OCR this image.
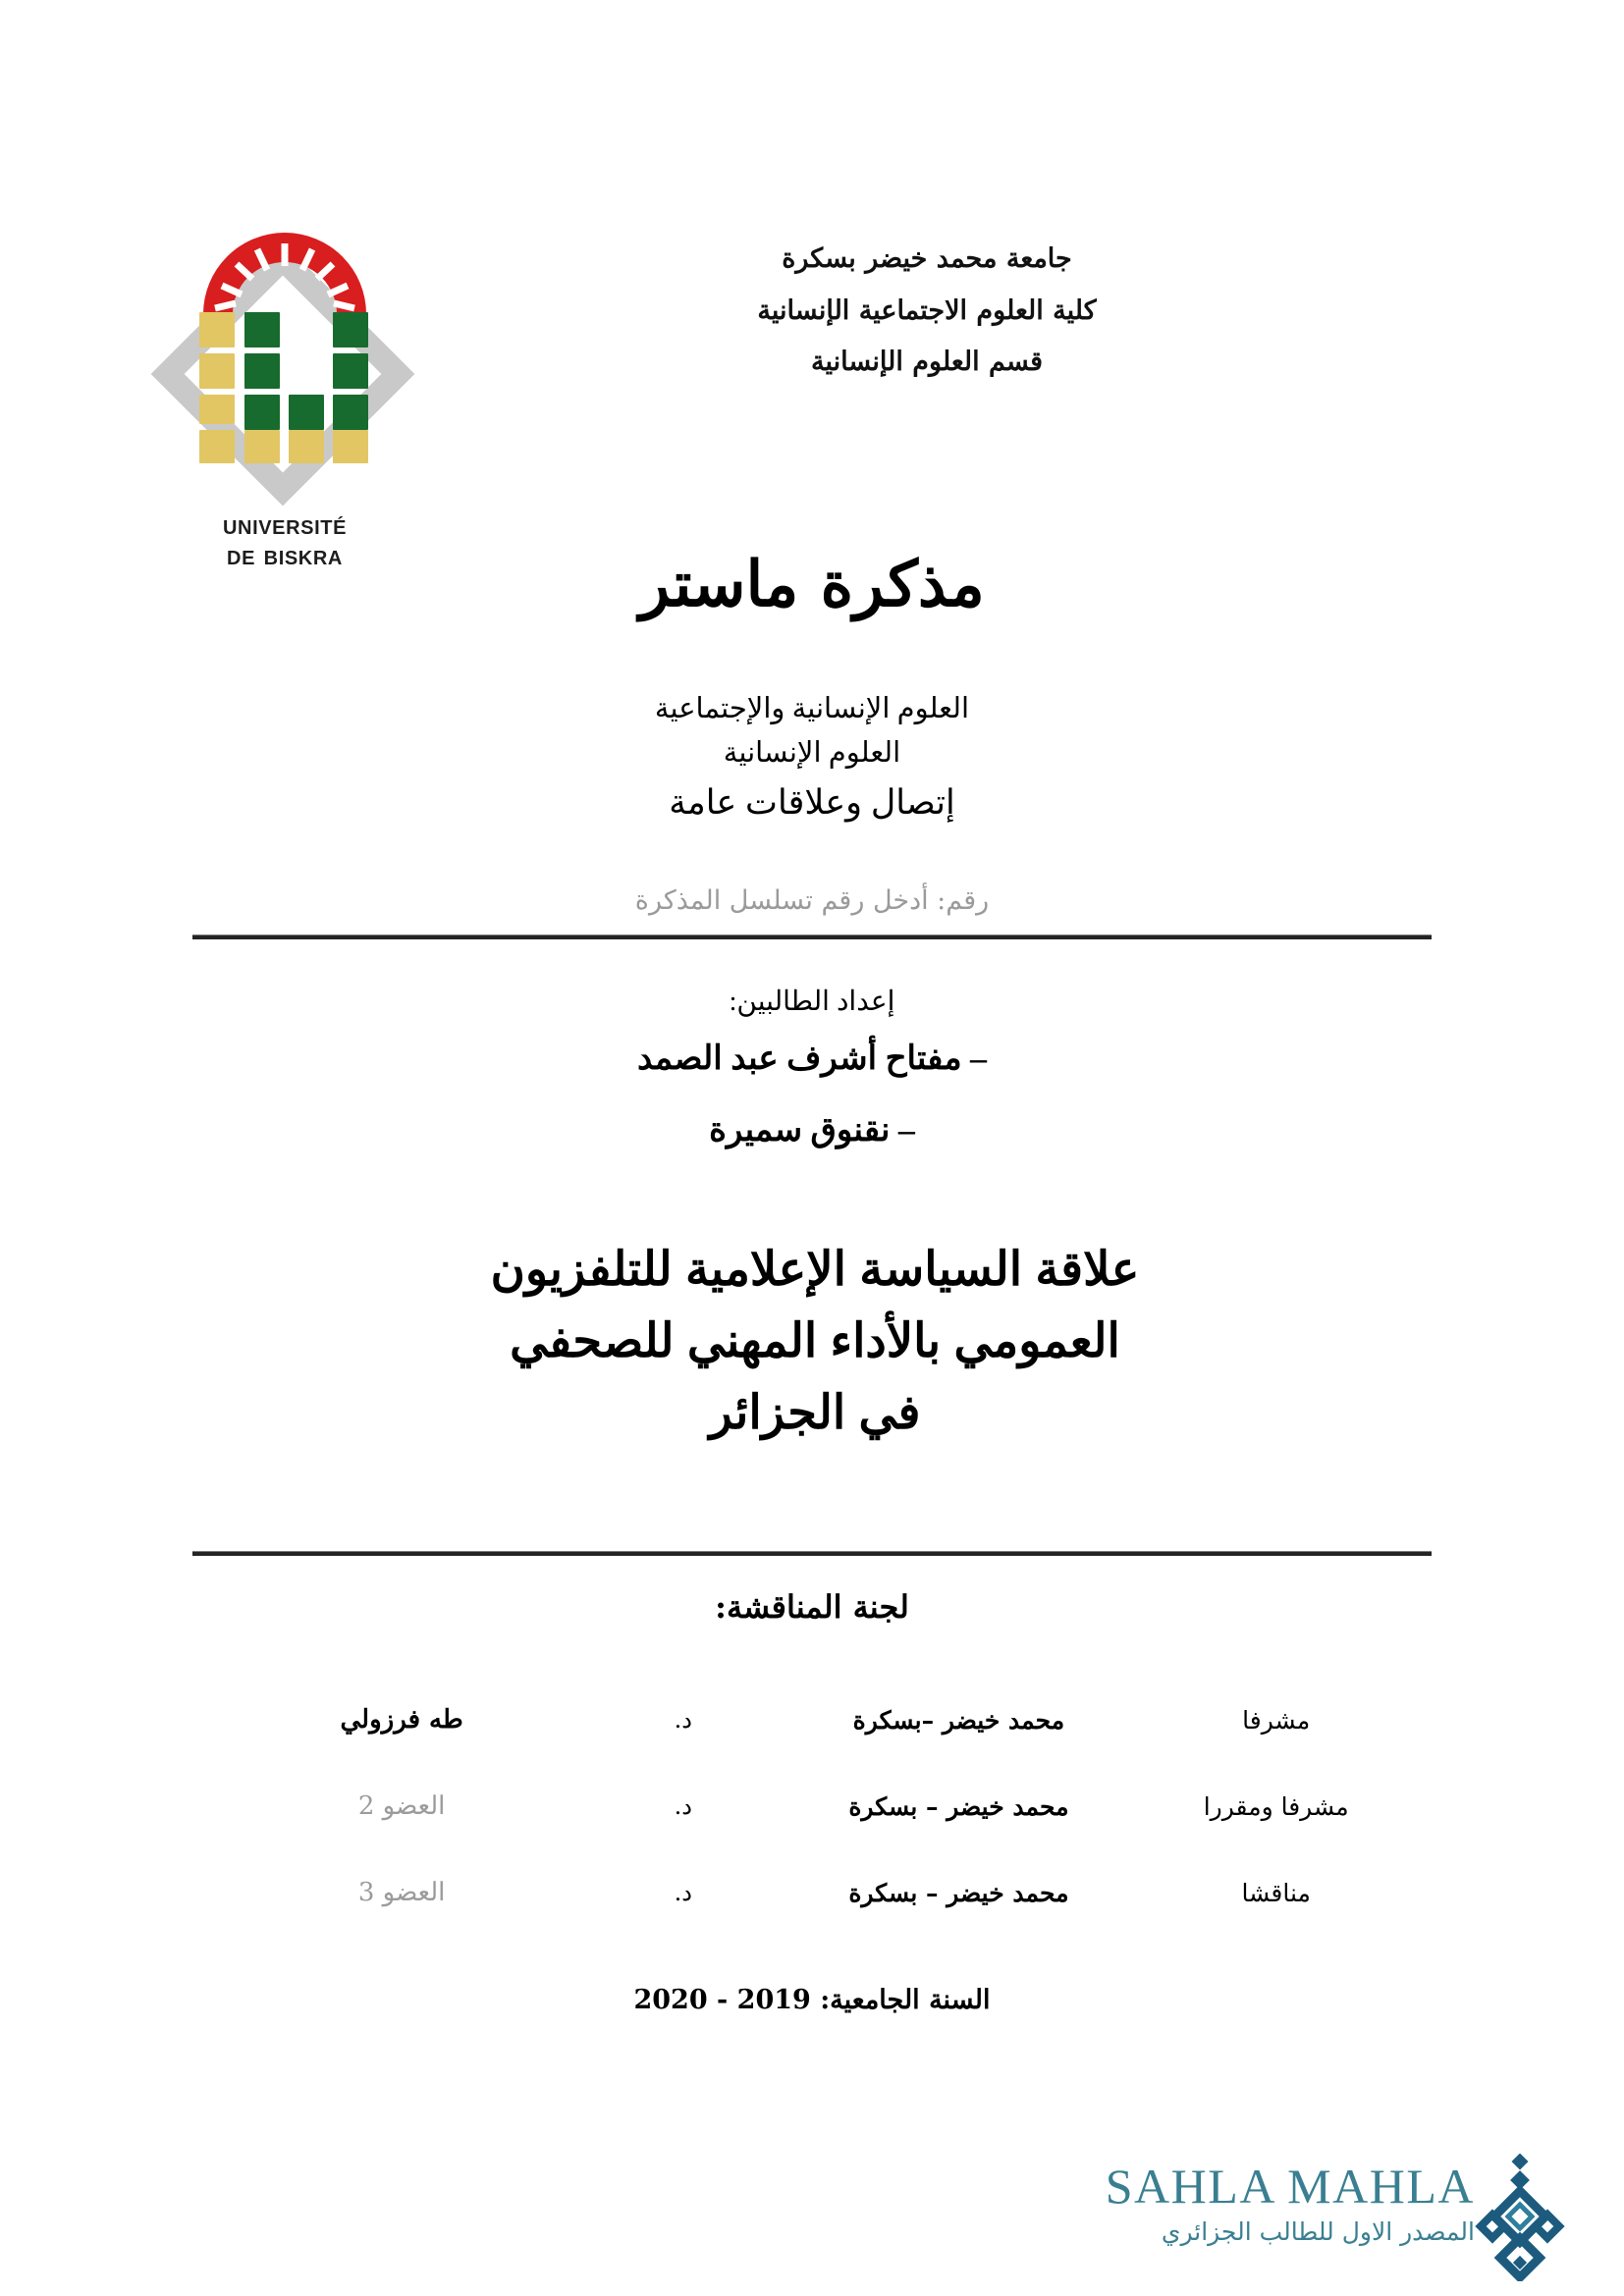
جامعة محمد خيضر بسكرة
كلية العلوم الاجتماعية الإنسانية
قسم العلوم الإنسانية
université
de biskra	مذكرة ماستر
العلوم الإنسانية والإجتماعية
العلوم الإنسانية
إتصال وعلاقات عامة
رقم: أدخل رقم تسلسل المذكرة
إعداد الطالبين:
– مفتاح أشرف عبد الصمد
– نقنوق سميرة
علاقة السياسة الإعلامية للتلفزيون
العمومي بالأداء المهني للصحفي
في الجزائر
لجنة المناقشة:
مشرفا	محمد خيضر –بسكرة	د.	طه فرزولي
مشرفا ومقررا	محمد خيضر – بسكرة	د.	العضو 2
مناقشا	محمد خيضر – بسكرة	د.	العضو 3
السنة الجامعية: 2019 - 2020
SAHLA MAHLA
المصدر الاول للطالب الجزائري
